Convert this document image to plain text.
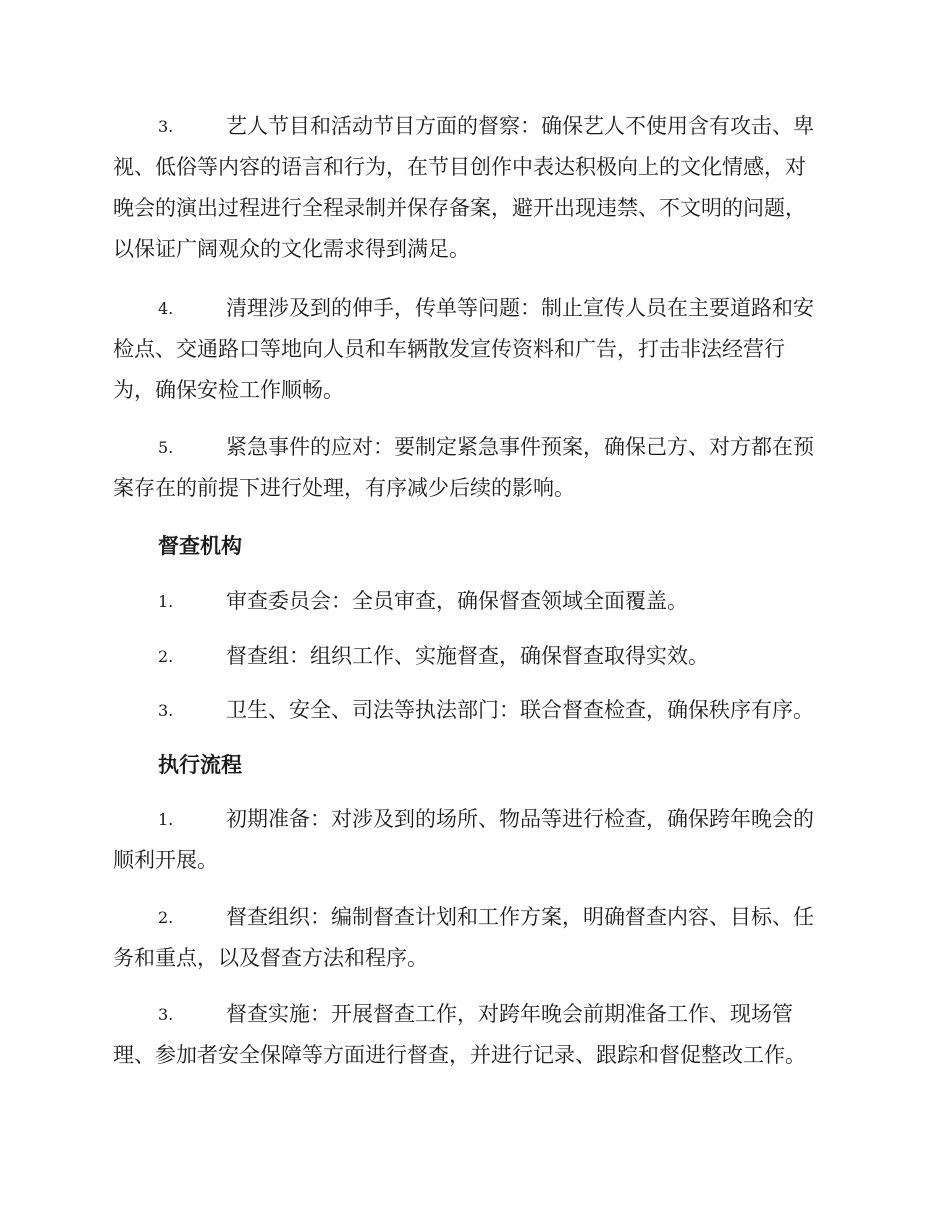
3.	艺人节目和活动节目方面的督察：确保艺人不使用含有攻击、卑
视、低俗等内容的语言和行为，在节目创作中表达积极向上的文化情感，对
晚会的演出过程进行全程录制并保存备案，避开出现违禁、不文明的问题，
以保证广阔观众的文化需求得到满足。
4.	清理涉及到的伸手，传单等问题：制止宣传人员在主要道路和安
检点、交通路口等地向人员和车辆散发宣传资料和广告，打击非法经营行
为，确保安检工作顺畅。
5.	紧急事件的应对：要制定紧急事件预案，确保己方、对方都在预
案存在的前提下进行处理，有序减少后续的影响。
督查机构
1.	审查委员会：全员审查，确保督查领域全面覆盖。
2.	督查组：组织工作、实施督查，确保督查取得实效。
3.	卫生、安全、司法等执法部门：联合督查检查，确保秩序有序。
执行流程
1.	初期准备：对涉及到的场所、物品等进行检查，确保跨年晚会的
顺利开展。
2.	督查组织：编制督查计划和工作方案，明确督查内容、目标、任
务和重点，以及督查方法和程序。
3.	督查实施：开展督查工作，对跨年晚会前期准备工作、现场管
理、参加者安全保障等方面进行督查，并进行记录、跟踪和督促整改工作。
